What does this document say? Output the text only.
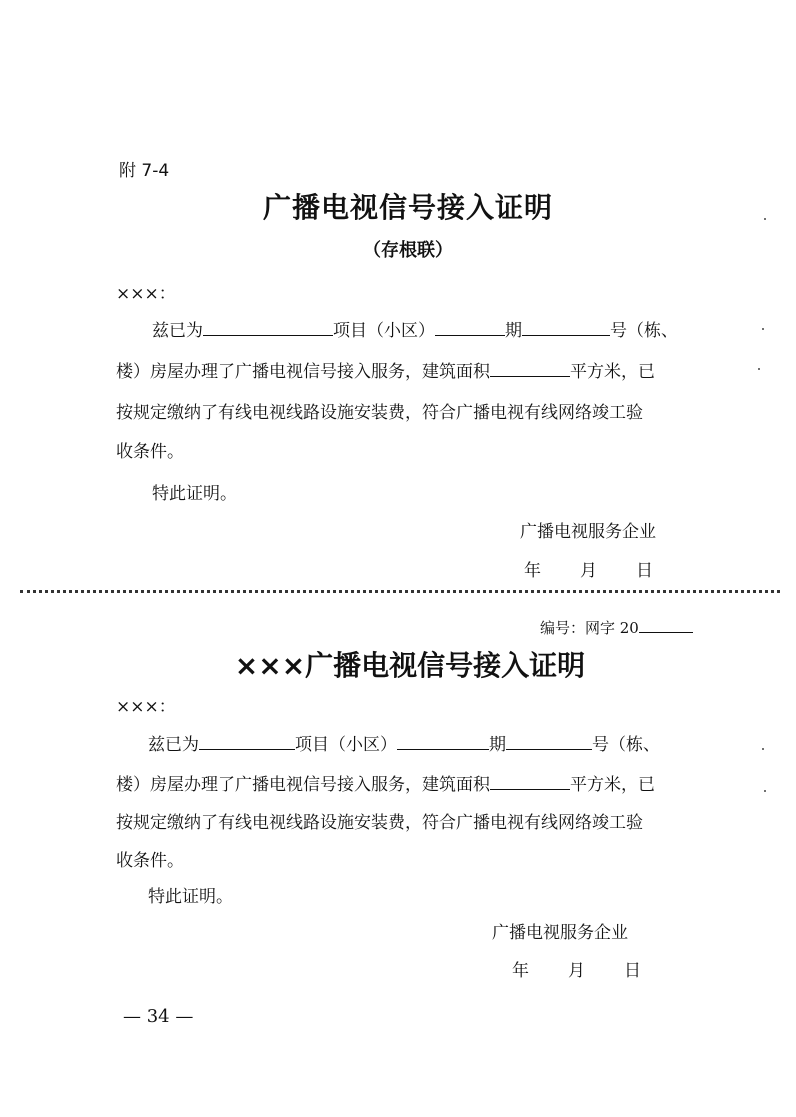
附 7-4
广播电视信号接入证明
（存根联）
×××：
兹已为	项目（小区）	期	号（栋、
楼）房屋办理了广播电视信号接入服务，建筑面积	平方米，已
按规定缴纳了有线电视线路设施安装费，符合广播电视有线网络竣工验
收条件。
特此证明。
广播电视服务企业
年 月 日
编号：网字 20
×××广播电视信号接入证明
×××：
兹已为	项目（小区）	期	号（栋、
楼）房屋办理了广播电视信号接入服务，建筑面积	平方米，已
按规定缴纳了有线电视线路设施安装费，符合广播电视有线网络竣工验
收条件。
特此证明。
广播电视服务企业
年 月 日
— 34 —
